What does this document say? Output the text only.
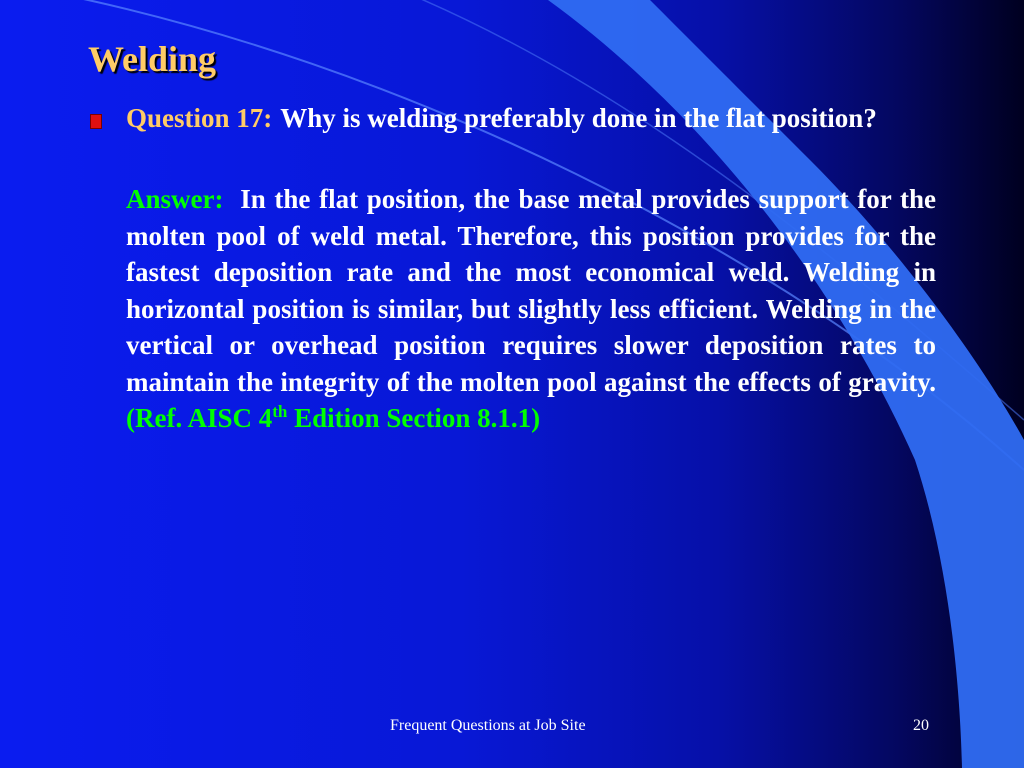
Welding
Question 17: Why is welding preferably done in the flat position?
Answer: In the flat position, the base metal provides support for the molten pool of weld metal. Therefore, this position provides for the fastest deposition rate and the most economical weld. Welding in horizontal position is similar, but slightly less efficient. Welding in the vertical or overhead position requires slower deposition rates to maintain the integrity of the molten pool against the effects of gravity. (Ref. AISC 4th Edition Section 8.1.1)

Frequent Questions at Job Site	20
